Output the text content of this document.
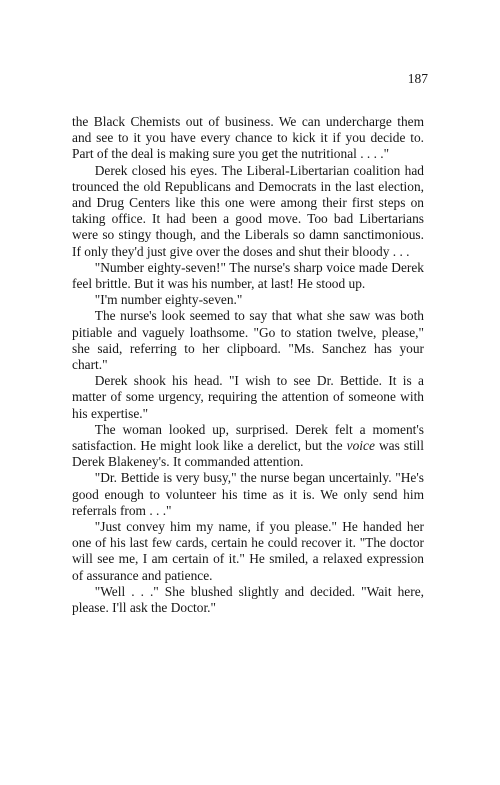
187

the Black Chemists out of business. We can undercharge them and see to it you have every chance to kick it if you decide to. Part of the deal is making sure you get the nutritional . . . ."

Derek closed his eyes. The Liberal-Libertarian coalition had trounced the old Republicans and Democrats in the last election, and Drug Centers like this one were among their first steps on taking office. It had been a good move. Too bad Libertarians were so stingy though, and the Liberals so damn sanctimonious. If only they'd just give over the doses and shut their bloody . . .

"Number eighty-seven!" The nurse's sharp voice made Derek feel brittle. But it was his number, at last! He stood up.

"I'm number eighty-seven."

The nurse's look seemed to say that what she saw was both pitiable and vaguely loathsome. "Go to station twelve, please," she said, referring to her clipboard. "Ms. Sanchez has your chart."

Derek shook his head. "I wish to see Dr. Bettide. It is a matter of some urgency, requiring the attention of someone with his expertise."

The woman looked up, surprised. Derek felt a moment's satisfaction. He might look like a derelict, but the voice was still Derek Blakeney's. It commanded attention.

"Dr. Bettide is very busy," the nurse began uncertainly. "He's good enough to volunteer his time as it is. We only send him referrals from . . ."

"Just convey him my name, if you please." He handed her one of his last few cards, certain he could recover it. "The doctor will see me, I am certain of it." He smiled, a relaxed expression of assurance and patience.

"Well . . ." She blushed slightly and decided. "Wait here, please. I'll ask the Doctor."
